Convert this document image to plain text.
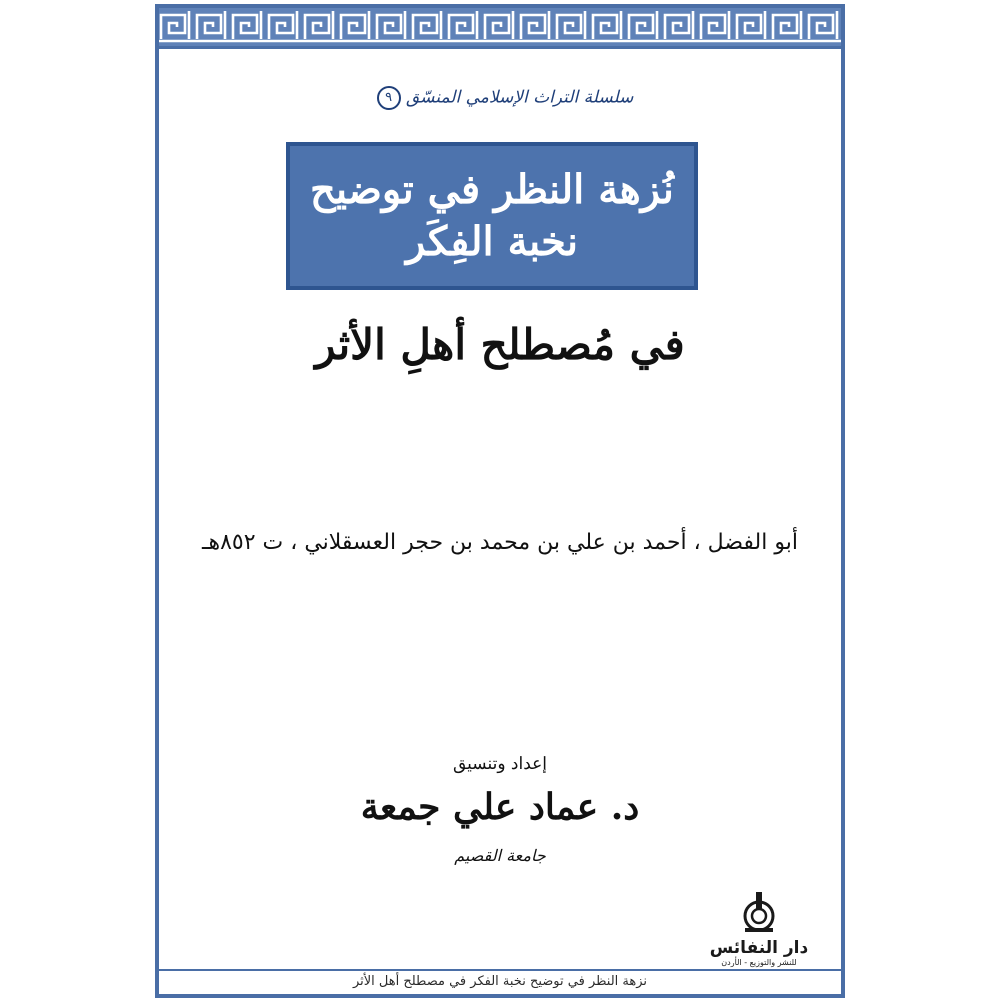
سلسلة التراث الإسلامي المنسّق ٩
نُزهة النظر في توضيح نخبة الفِكَر
في مُصطلح أهلِ الأثر
أبو الفضل ، أحمد بن علي بن محمد بن حجر العسقلاني ، ت ٨٥٢هـ
إعداد وتنسيق
د. عماد علي جمعة
جامعة القصيم
دار النفائس
للنشر والتوزيع - الأردن
نزهة النظر في توضيح نخبة الفكر في مصطلح أهل الأثر
